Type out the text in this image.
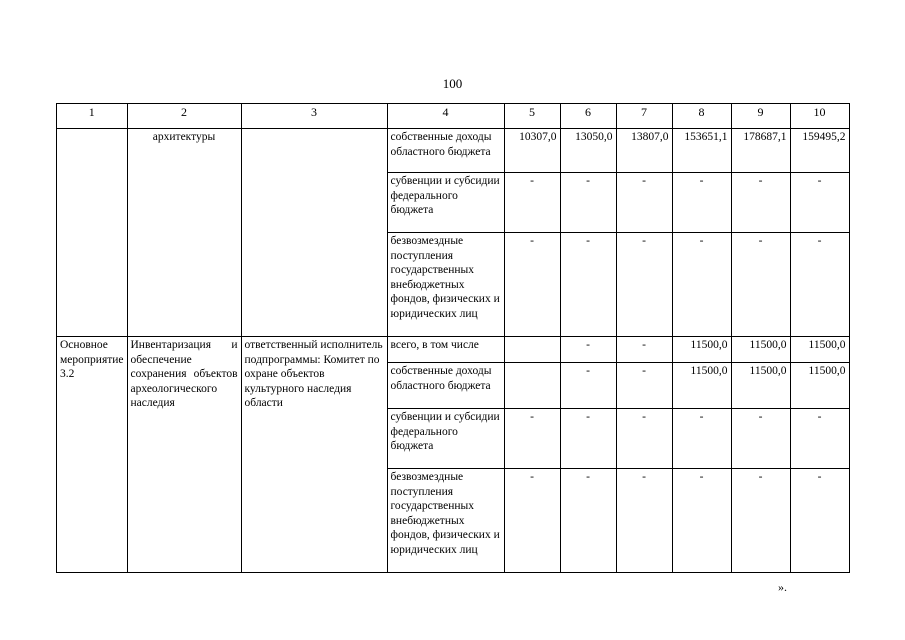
100
1	2	3	4	5	6	7	8	9	10
	архитектуры		собственные доходы областного бюджета	10307,0	13050,0	13807,0	153651,1	178687,1	159495,2
			субвенции и субсидии федерального бюджета	-	-	-	-	-	-
			безвозмездные поступления государственных внебюджетных фондов, физических и юридических лиц	-	-	-	-	-	-
Основное мероприятие 3.2	Инвентаризация и обеспечение сохранения объектов археологического наследия	ответственный исполнитель подпрограммы: Комитет по охране объектов культурного наследия области	всего, в том числе		-	-	11500,0	11500,0	11500,0
			собственные доходы областного бюджета		-	-	11500,0	11500,0	11500,0
			субвенции и субсидии федерального бюджета	-	-	-	-	-	-
			безвозмездные поступления государственных внебюджетных фондов, физических и юридических лиц	-	-	-	-	-	-
».
